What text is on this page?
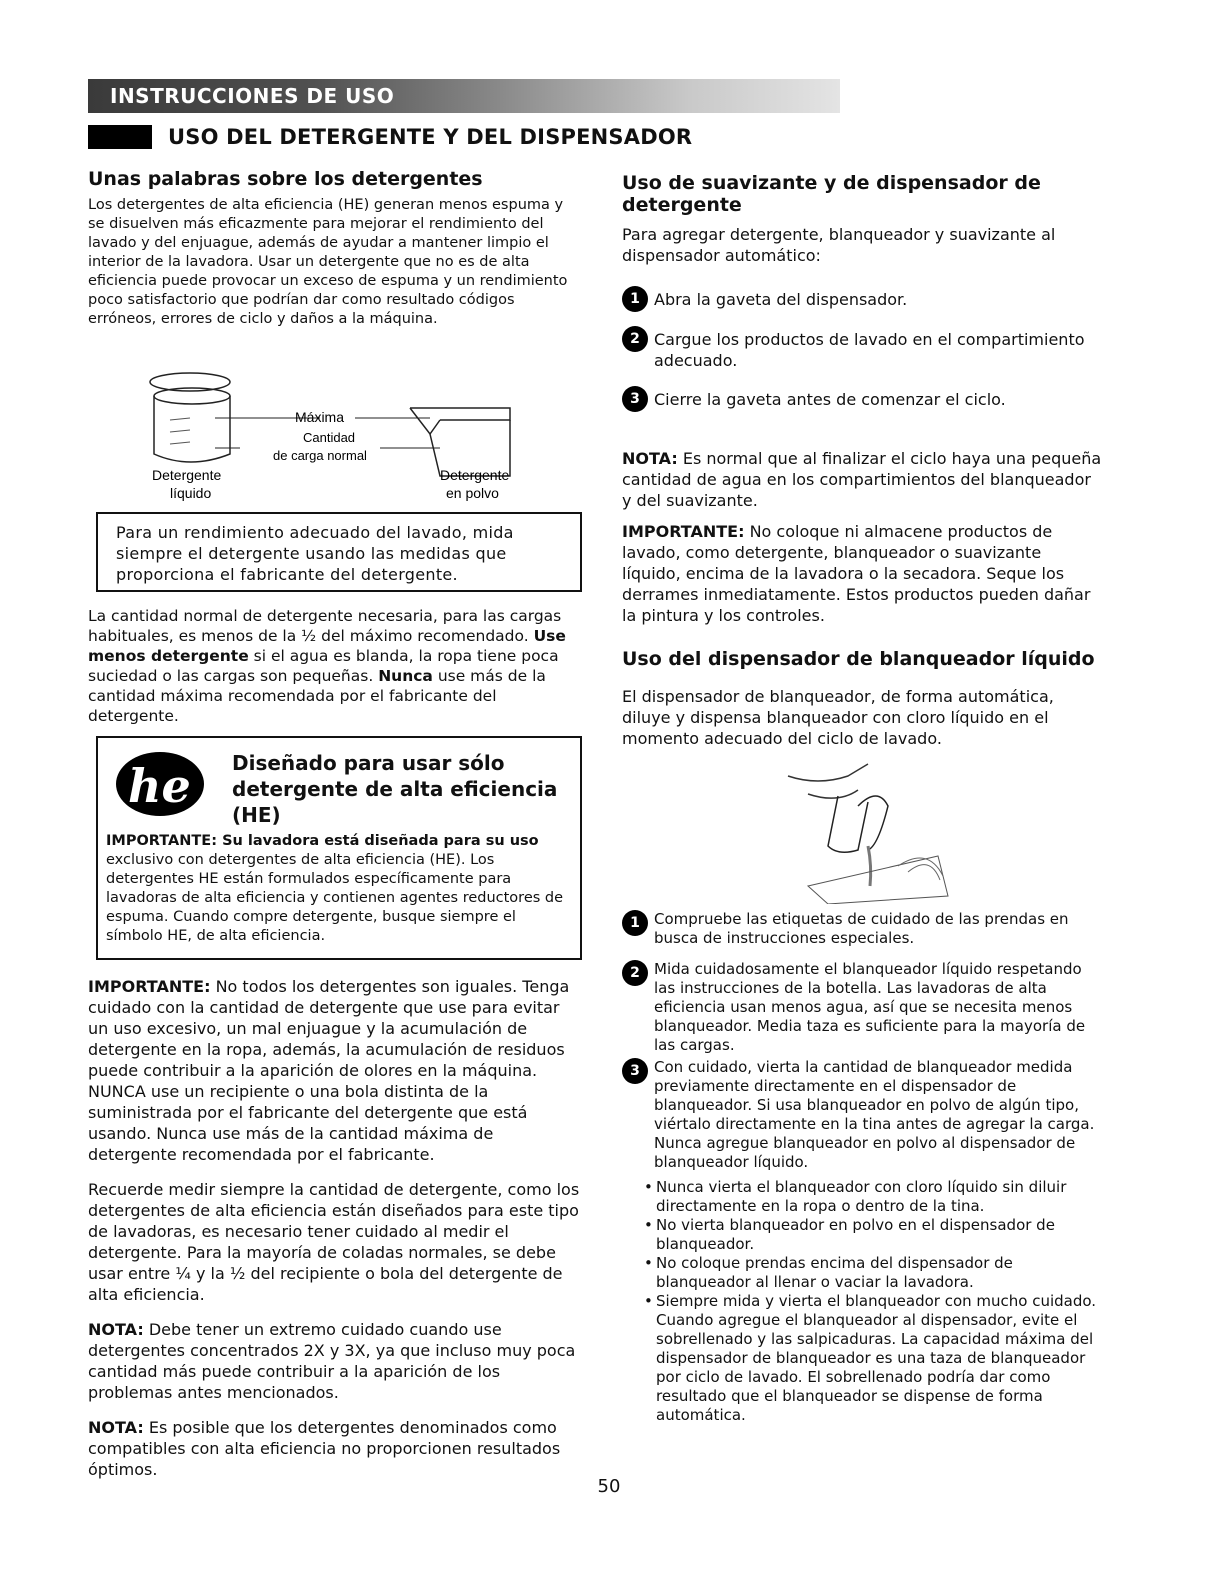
INSTRUCCIONES DE USO
USO DEL DETERGENTE Y DEL DISPENSADOR
Unas palabras sobre los detergentes

Los detergentes de alta eficiencia (HE) generan menos espuma y se disuelven más eficazmente para mejorar el rendimiento del lavado y del enjuague, además de ayudar a mantener limpio el interior de la lavadora. Usar un detergente que no es de alta eficiencia puede provocar un exceso de espuma y un rendimiento poco satisfactorio que podrían dar como resultado códigos erróneos, errores de ciclo y daños a la máquina.

Máxima
Cantidad
de carga normal
Detergente
líquido
Detergente
en polvo

Para un rendimiento adecuado del lavado, mida siempre el detergente usando las medidas que proporciona el fabricante del detergente.

La cantidad normal de detergente necesaria, para las cargas habituales, es menos de la ½ del máximo recomendado. Use menos detergente si el agua es blanda, la ropa tiene poca suciedad o las cargas son pequeñas. Nunca use más de la cantidad máxima recomendada por el fabricante del detergente.

he Diseñado para usar sólo
detergente de alta eficiencia (HE)
IMPORTANTE: Su lavadora está diseñada para su uso exclusivo con detergentes de alta eficiencia (HE). Los detergentes HE están formulados específicamente para lavadoras de alta eficiencia y contienen agentes reductores de espuma. Cuando compre detergente, busque siempre el símbolo HE, de alta eficiencia.

IMPORTANTE: No todos los detergentes son iguales. Tenga cuidado con la cantidad de detergente que use para evitar un uso excesivo, un mal enjuague y la acumulación de detergente en la ropa, además, la acumulación de residuos puede contribuir a la aparición de olores en la máquina. NUNCA use un recipiente o una bola distinta de la suministrada por el fabricante del detergente que está usando. Nunca use más de la cantidad máxima de detergente recomendada por el fabricante.

Recuerde medir siempre la cantidad de detergente, como los detergentes de alta eficiencia están diseñados para este tipo de lavadoras, es necesario tener cuidado al medir el detergente. Para la mayoría de coladas normales, se debe usar entre ¼ y la ½ del recipiente o bola del detergente de alta eficiencia.

NOTA: Debe tener un extremo cuidado cuando use detergentes concentrados 2X y 3X, ya que incluso muy poca cantidad más puede contribuir a la aparición de los problemas antes mencionados.

NOTA: Es posible que los detergentes denominados como compatibles con alta eficiencia no proporcionen resultados óptimos.

Uso de suavizante y de dispensador de detergente

Para agregar detergente, blanqueador y suavizante al dispensador automático:

1 Abra la gaveta del dispensador.
2 Cargue los productos de lavado en el compartimiento adecuado.
3 Cierre la gaveta antes de comenzar el ciclo.

NOTA: Es normal que al finalizar el ciclo haya una pequeña cantidad de agua en los compartimientos del blanqueador y del suavizante.

IMPORTANTE: No coloque ni almacene productos de lavado, como detergente, blanqueador o suavizante líquido, encima de la lavadora o la secadora. Seque los derrames inmediatamente. Estos productos pueden dañar la pintura y los controles.

Uso del dispensador de blanqueador líquido

El dispensador de blanqueador, de forma automática, diluye y dispensa blanqueador con cloro líquido en el momento adecuado del ciclo de lavado.

1 Compruebe las etiquetas de cuidado de las prendas en busca de instrucciones especiales.
2 Mida cuidadosamente el blanqueador líquido respetando las instrucciones de la botella. Las lavadoras de alta eficiencia usan menos agua, así que se necesita menos blanqueador. Media taza es suficiente para la mayoría de las cargas.
3 Con cuidado, vierta la cantidad de blanqueador medida previamente directamente en el dispensador de blanqueador. Si usa blanqueador en polvo de algún tipo, viértalo directamente en la tina antes de agregar la carga. Nunca agregue blanqueador en polvo al dispensador de blanqueador líquido.
• Nunca vierta el blanqueador con cloro líquido sin diluir directamente en la ropa o dentro de la tina.
• No vierta blanqueador en polvo en el dispensador de blanqueador.
• No coloque prendas encima del dispensador de blanqueador al llenar o vaciar la lavadora.
• Siempre mida y vierta el blanqueador con mucho cuidado. Cuando agregue el blanqueador al dispensador, evite el sobrellenado y las salpicaduras. La capacidad máxima del dispensador de blanqueador es una taza de blanqueador por ciclo de lavado. El sobrellenado podría dar como resultado que el blanqueador se dispense de forma automática.
50
